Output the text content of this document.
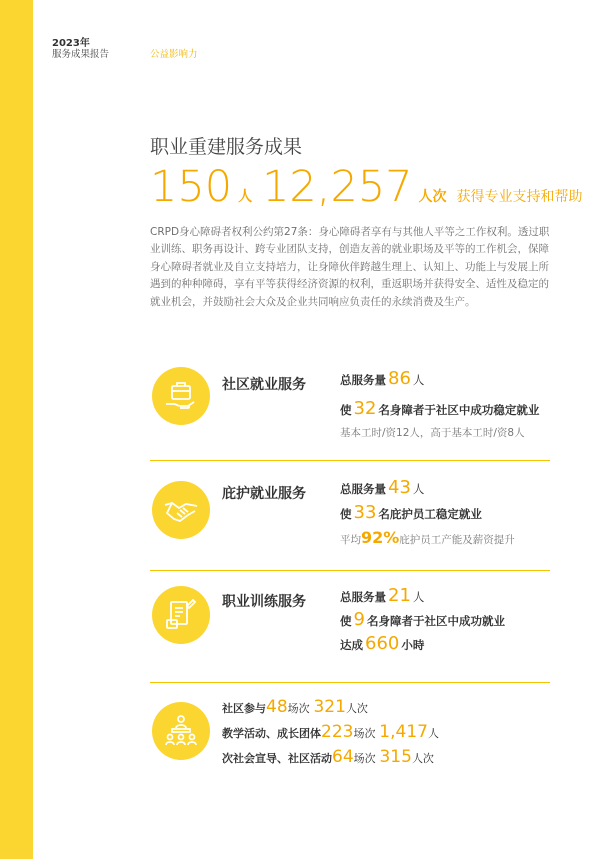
2023年
服务成果报告	公益影响力
职业重建服务成果
150 人 12,257 人次 获得专业支持和帮助
CRPD身心障碍者权利公约第27条：身心障碍者享有与其他人平等之工作权利。透过职业训练、职务再设计、跨专业团队支持，创造友善的就业职场及平等的工作机会，保障身心障碍者就业及自立支持培力，让身障伙伴跨越生理上、认知上、功能上与发展上所遇到的种种障碍，享有平等获得经济资源的权利，重返职场并获得安全、适性及稳定的就业机会，并鼓励社会大众及企业共同响应负责任的永续消费及生产。
社区就业服务	总服务量 86 人
使 32 名身障者于社区中成功稳定就业
基本工时/资12人，高于基本工时/资8人
庇护就业服务	总服务量 43 人
使 33 名庇护员工稳定就业
平均92%庇护员工产能及薪资提升
职业训练服务	总服务量 21 人
使 9 名身障者于社区中成功就业
达成 660 小時
社区参与48场次 321人次
教学活动、成长团体223场次 1,417人
次社会宣导、社区活动64场次 315人次
